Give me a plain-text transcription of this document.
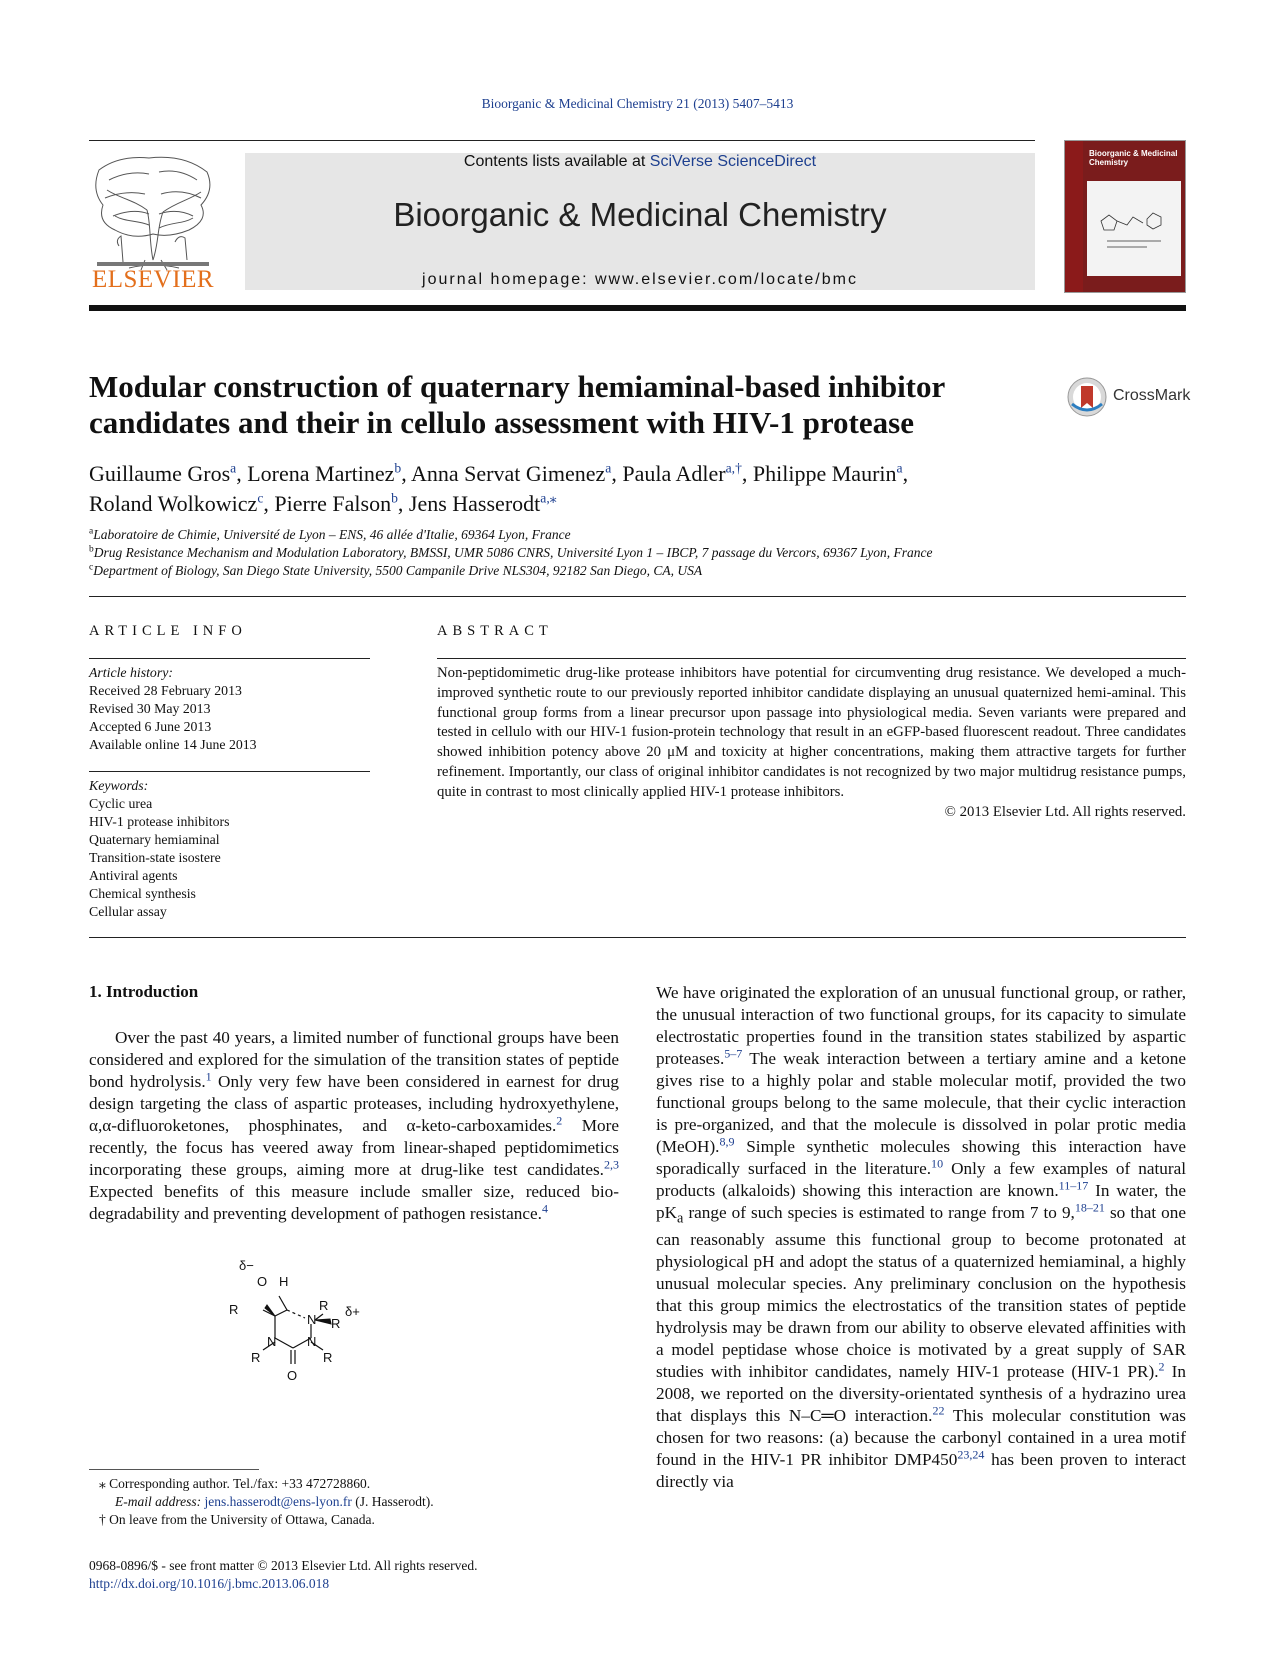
Bioorganic & Medicinal Chemistry 21 (2013) 5407–5413
ELSEVIER
Contents lists available at SciVerse ScienceDirect
Bioorganic & Medicinal Chemistry
journal homepage: www.elsevier.com/locate/bmc
Bioorganic & Medicinal Chemistry
Modular construction of quaternary hemiaminal-based inhibitor candidates and their in cellulo assessment with HIV-1 protease
CrossMark
Guillaume Gros$^a$, Lorena Martinez$^b$, Anna Servat Gimenez$^a$, Paula Adler$^{a,\dagger}$, Philippe Maurin$^a$,
Roland Wolkowicz$^c$, Pierre Falson$^b$, Jens Hasserodt$^{a,⁎}$
$^a$Laboratoire de Chimie, Université de Lyon – ENS, 46 allée d'Italie, 69364 Lyon, France
$^b$Drug Resistance Mechanism and Modulation Laboratory, BMSSI, UMR 5086 CNRS, Université Lyon 1 – IBCP, 7 passage du Vercors, 69367 Lyon, France
$^c$Department of Biology, San Diego State University, 5500 Campanile Drive NLS304, 92182 San Diego, CA, USA
ARTICLE INFO	ABSTRACT
Article history:
Received 28 February 2013
Revised 30 May 2013
Accepted 6 June 2013
Available online 14 June 2013
Keywords:
Cyclic urea
HIV-1 protease inhibitors
Quaternary hemiaminal
Transition-state isostere
Antiviral agents
Chemical synthesis
Cellular assay
Non-peptidomimetic drug-like protease inhibitors have potential for circumventing drug resistance. We developed a much-improved synthetic route to our previously reported inhibitor candidate displaying an unusual quaternized hemi-aminal. This functional group forms from a linear precursor upon passage into physiological media. Seven variants were prepared and tested in cellulo with our HIV-1 fusion-protein technology that result in an eGFP-based fluorescent readout. Three candidates showed inhibition potency above 20 μM and toxicity at higher concentrations, making them attractive targets for further refinement. Importantly, our class of original inhibitor candidates is not recognized by two major multidrug resistance pumps, quite in contrast to most clinically applied HIV-1 protease inhibitors.
© 2013 Elsevier Ltd. All rights reserved.
1. Introduction
Over the past 40 years, a limited number of functional groups have been considered and explored for the simulation of the transition states of peptide bond hydrolysis.$^1$ Only very few have been considered in earnest for drug design targeting the class of aspartic proteases, including hydroxyethylene, α,α-difluoroketones, phosphinates, and α-keto-carboxamides.$^2$ More recently, the focus has veered away from linear-shaped peptidomimetics incorporating these groups, aiming more at drug-like test candidates.$^{2,3}$ Expected benefits of this measure include smaller size, reduced bio-degradability and preventing development of pathogen resistance.$^4$
We have originated the exploration of an unusual functional group, or rather, the unusual interaction of two functional groups, for its capacity to simulate electrostatic properties found in the transition states stabilized by aspartic proteases.$^{5-7}$ The weak interaction between a tertiary amine and a ketone gives rise to a highly polar and stable molecular motif, provided the two functional groups belong to the same molecule, that their cyclic interaction is pre-organized, and that the molecule is dissolved in polar protic media (MeOH).$^{8,9}$ Simple synthetic molecules showing this interaction have sporadically surfaced in the literature.$^{10}$ Only a few examples of natural products (alkaloids) showing this interaction are known.$^{11-17}$ In water, the $pK_a$ range of such species is estimated to range from 7 to 9,$^{18-21}$ so that one can reasonably assume this functional group to become protonated at physiological pH and adopt the status of a quaternized hemiaminal, a highly unusual molecular species. Any preliminary conclusion on the hypothesis that this group mimics the electrostatics of the transition states of peptide hydrolysis may be drawn from our ability to observe elevated affinities with a model peptidase whose choice is motivated by a great supply of SAR studies with inhibitor candidates, namely HIV-1 protease (HIV-1 PR).$^2$ In 2008, we reported on the diversity-orientated synthesis of a hydrazino urea that displays this N–C═O interaction.$^{22}$ This molecular constitution was chosen for two reasons: (a) because the carbonyl contained in a urea motif found in the HIV-1 PR inhibitor DMP450$^{23,24}$ has been proven to interact directly via
δ−
O H
R
N
R
R
δ+
N N
R	R
O
⁎ Corresponding author. Tel./fax: +33 472728860.
E-mail address: jens.hasserodt@ens-lyon.fr (J. Hasserodt).
† On leave from the University of Ottawa, Canada.
0968-0896/$ - see front matter © 2013 Elsevier Ltd. All rights reserved.
http://dx.doi.org/10.1016/j.bmc.2013.06.018
